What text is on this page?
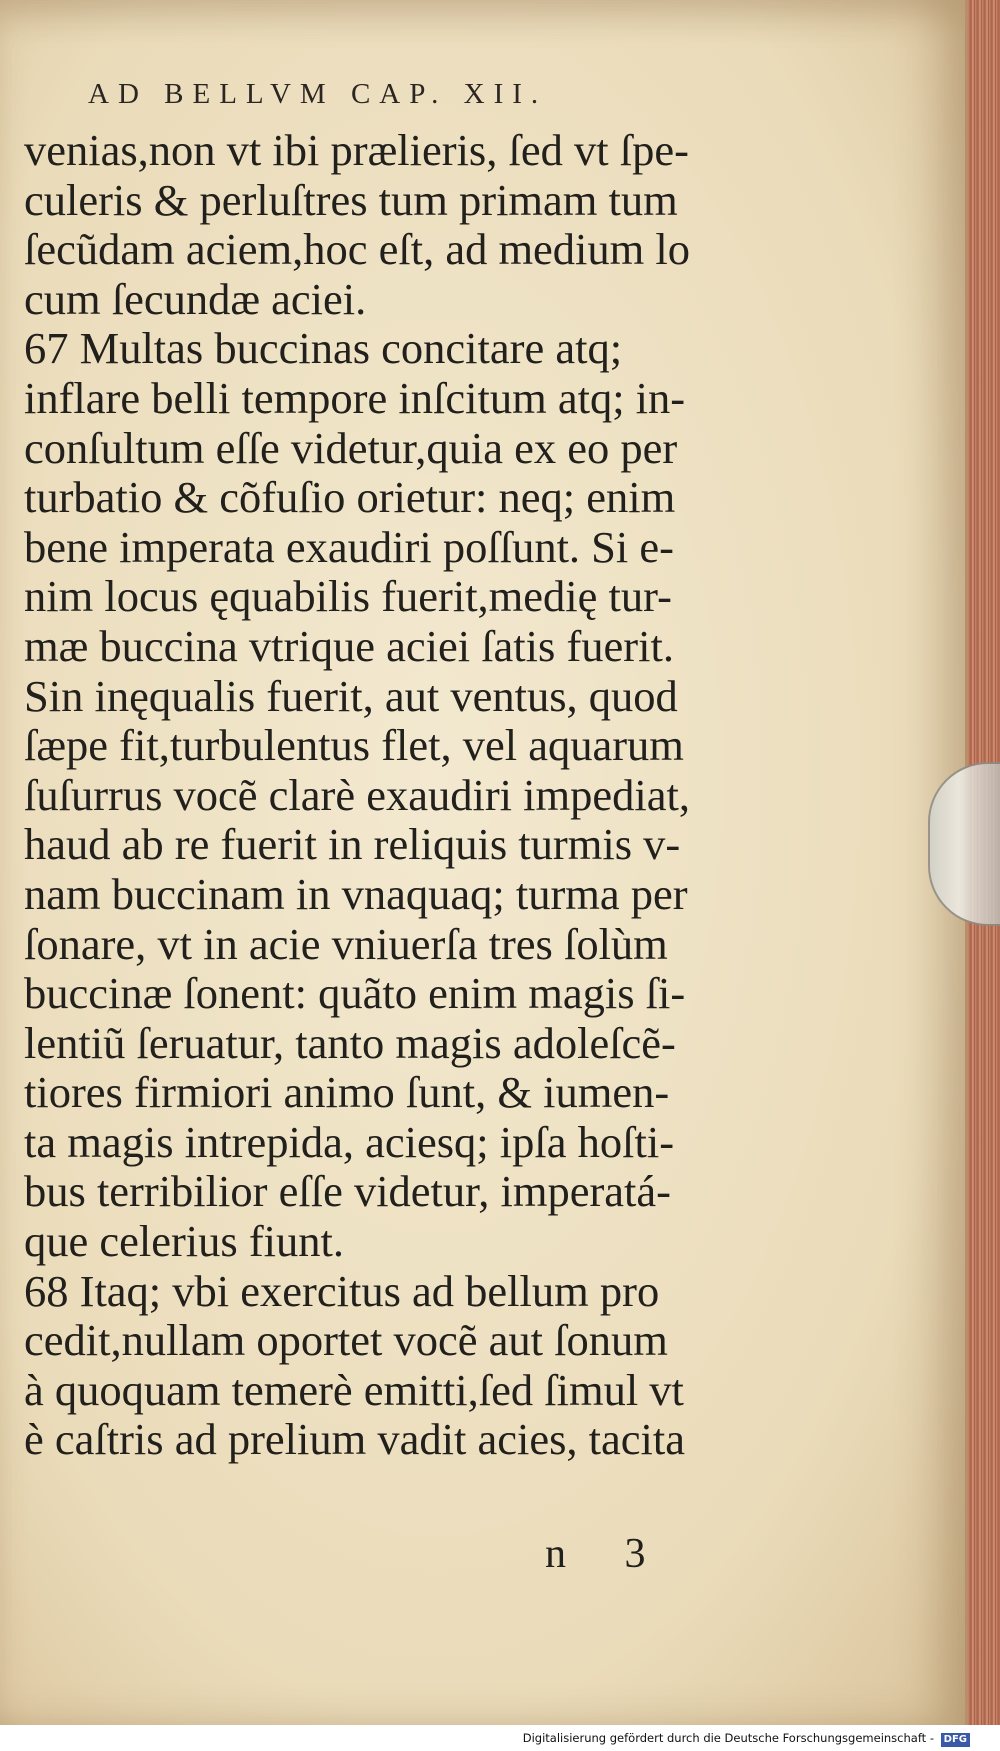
AD BELLVM CAP. XII.
venias,non vt ibi prælieris, ſed vt ſpe-
culeris & perluſtres tum primam tum
ſecũdam aciem,hoc eſt, ad medium lo
cum ſecundæ aciei.
67 Multas buccinas concitare atq;
inflare belli tempore inſcitum atq; in-
conſultum eſſe videtur,quia ex eo per
turbatio & cõfuſio orietur: neq; enim
bene imperata exaudiri poſſunt. Si e-
nim locus ęquabilis fuerit,medię tur-
mæ buccina vtrique aciei ſatis fuerit.
Sin inęqualis fuerit, aut ventus, quod
ſæpe fit,turbulentus flet, vel aquarum
ſuſurrus vocẽ clarè exaudiri impediat,
haud ab re fuerit in reliquis turmis v-
nam buccinam in vnaquaq; turma per
ſonare, vt in acie vniuerſa tres ſolùm
buccinæ ſonent: quãto enim magis ſi-
lentiũ ſeruatur, tanto magis adoleſcẽ-
tiores firmiori animo ſunt, & iumen-
ta magis intrepida, aciesq; ipſa hoſti-
bus terribilior eſſe videtur, imperatá-
que celerius fiunt.
68 Itaq; vbi exercitus ad bellum pro
cedit,nullam oportet vocẽ aut ſonum
à quoquam temerè emitti,ſed ſimul vt
è caſtris ad prelium vadit acies, tacita
n 3
Digitalisierung gefördert durch die Deutsche Forschungsgemeinschaft - DFG
